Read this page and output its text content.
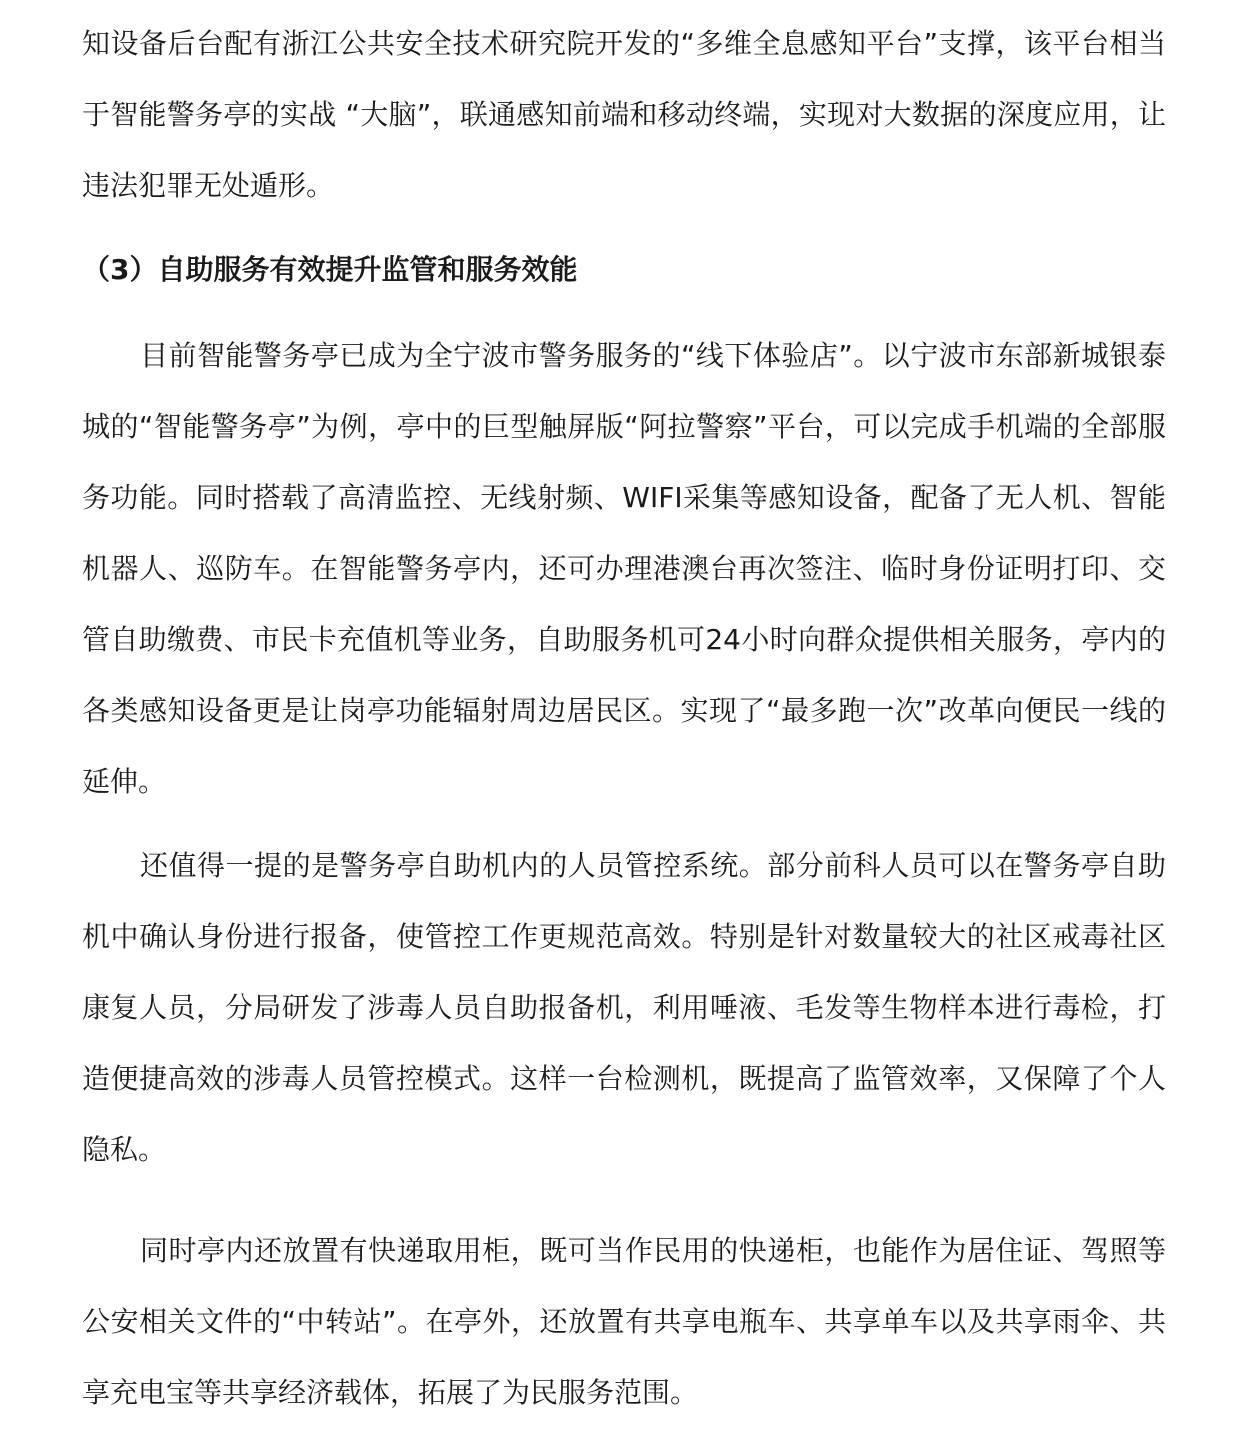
知设备后台配有浙江公共安全技术研究院开发的“多维全息感知平台”支撑，该平台相当于智能警务亭的实战 “大脑”，联通感知前端和移动终端，实现对大数据的深度应用，让违法犯罪无处遁形。

（3）自助服务有效提升监管和服务效能

目前智能警务亭已成为全宁波市警务服务的“线下体验店”。以宁波市东部新城银泰城的“智能警务亭”为例，亭中的巨型触屏版“阿拉警察”平台，可以完成手机端的全部服务功能。同时搭载了高清监控、无线射频、WIFI采集等感知设备，配备了无人机、智能机器人、巡防车。在智能警务亭内，还可办理港澳台再次签注、临时身份证明打印、交管自助缴费、市民卡充值机等业务，自助服务机可24小时向群众提供相关服务，亭内的各类感知设备更是让岗亭功能辐射周边居民区。实现了“最多跑一次”改革向便民一线的延伸。

还值得一提的是警务亭自助机内的人员管控系统。部分前科人员可以在警务亭自助机中确认身份进行报备，使管控工作更规范高效。特别是针对数量较大的社区戒毒社区康复人员，分局研发了涉毒人员自助报备机，利用唾液、毛发等生物样本进行毒检，打造便捷高效的涉毒人员管控模式。这样一台检测机，既提高了监管效率，又保障了个人隐私。

同时亭内还放置有快递取用柜，既可当作民用的快递柜，也能作为居住证、驾照等公安相关文件的“中转站”。在亭外，还放置有共享电瓶车、共享单车以及共享雨伞、共享充电宝等共享经济载体，拓展了为民服务范围。
